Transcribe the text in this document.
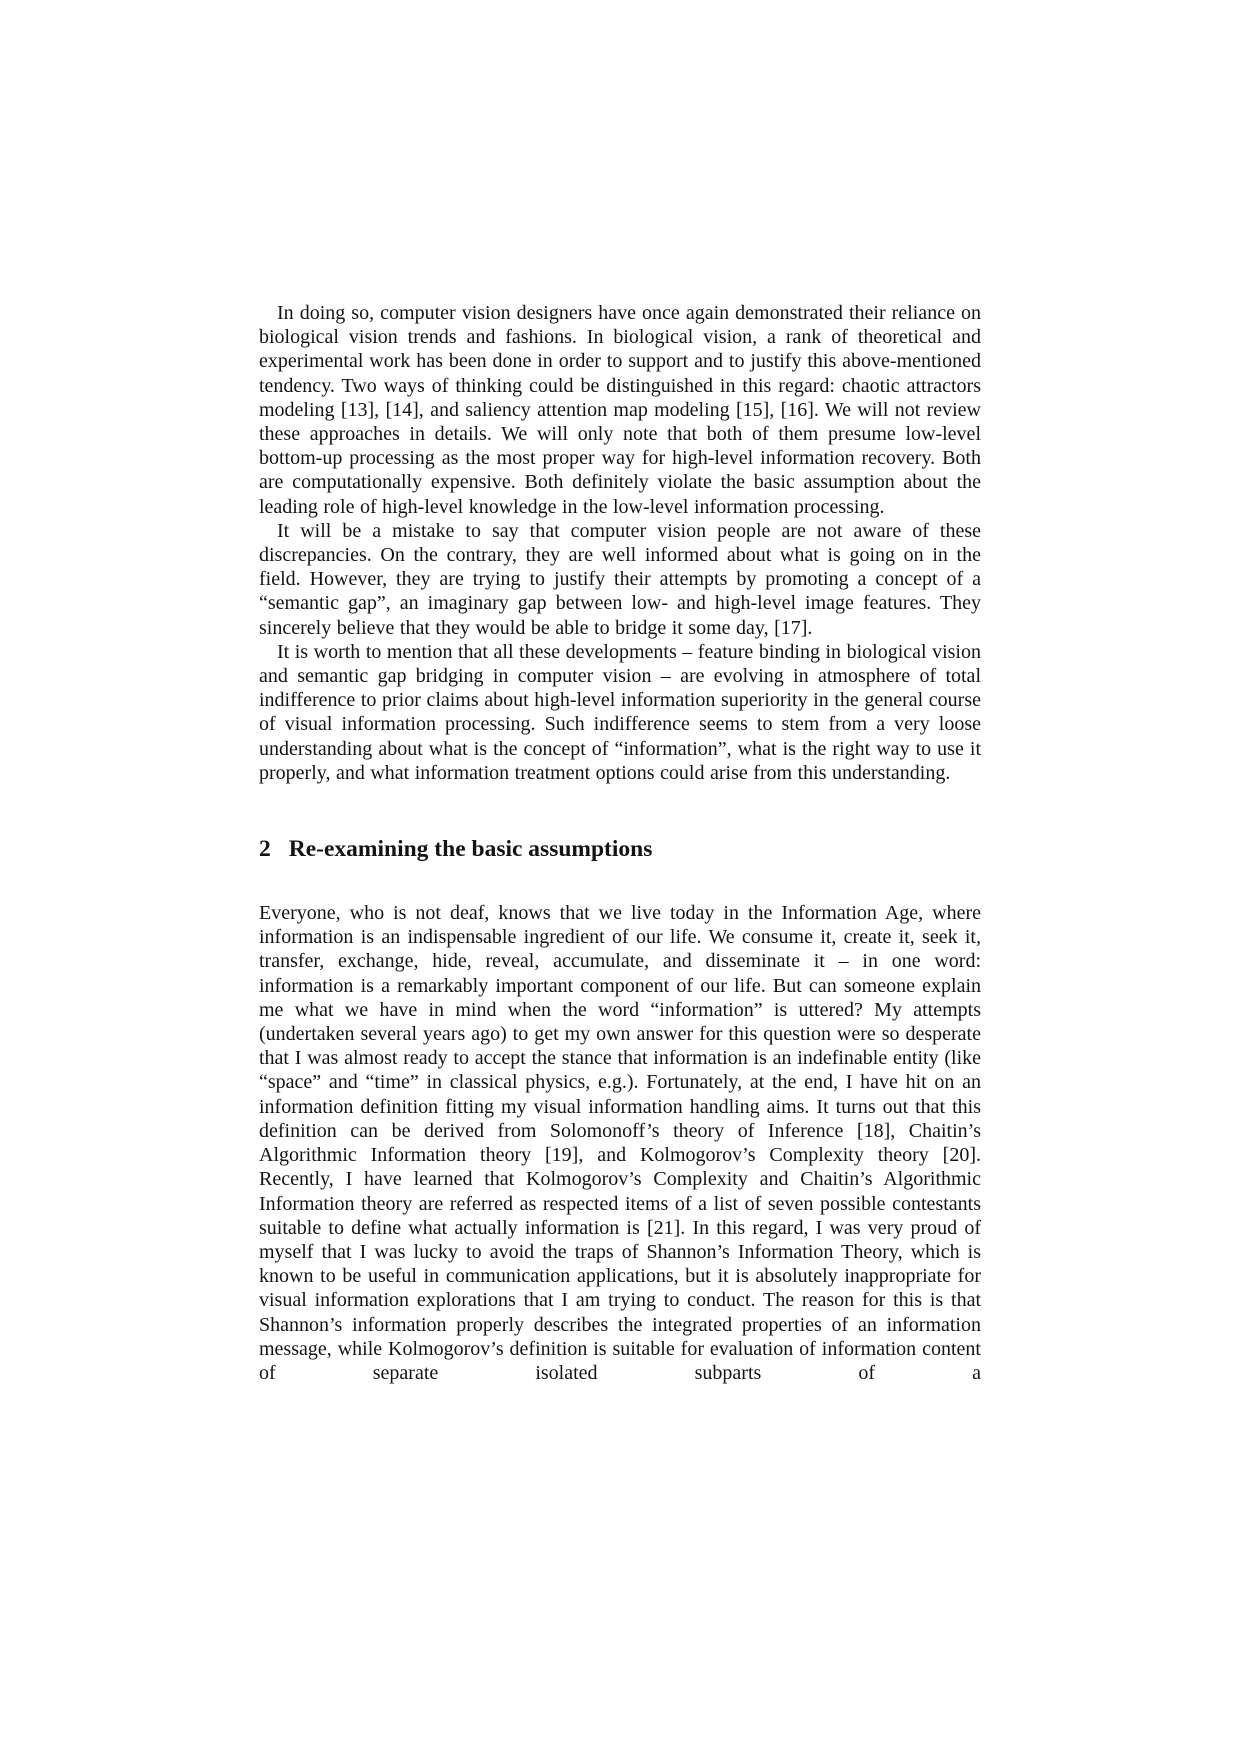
In doing so, computer vision designers have once again demonstrated their reliance on biological vision trends and fashions. In biological vision, a rank of theoretical and experimental work has been done in order to support and to justify this above-mentioned tendency. Two ways of thinking could be distinguished in this regard: chaotic attractors modeling [13], [14], and saliency attention map modeling [15], [16]. We will not review these approaches in details. We will only note that both of them presume low-level bottom-up processing as the most proper way for high-level information recovery. Both are computationally expensive. Both definitely violate the basic assumption about the leading role of high-level knowledge in the low-level information processing.

It will be a mistake to say that computer vision people are not aware of these discrepancies. On the contrary, they are well informed about what is going on in the field. However, they are trying to justify their attempts by promoting a concept of a “semantic gap”, an imaginary gap between low- and high-level image features. They sincerely believe that they would be able to bridge it some day, [17].

It is worth to mention that all these developments – feature binding in biological vision and semantic gap bridging in computer vision – are evolving in atmosphere of total indifference to prior claims about high-level information superiority in the general course of visual information processing. Such indifference seems to stem from a very loose understanding about what is the concept of “information”, what is the right way to use it properly, and what information treatment options could arise from this understanding.

2 Re-examining the basic assumptions

Everyone, who is not deaf, knows that we live today in the Information Age, where information is an indispensable ingredient of our life. We consume it, create it, seek it, transfer, exchange, hide, reveal, accumulate, and disseminate it – in one word: information is a remarkably important component of our life. But can someone explain me what we have in mind when the word “information” is uttered? My attempts (undertaken several years ago) to get my own answer for this question were so desperate that I was almost ready to accept the stance that information is an indefinable entity (like “space” and “time” in classical physics, e.g.). Fortunately, at the end, I have hit on an information definition fitting my visual information handling aims. It turns out that this definition can be derived from Solomonoff’s theory of Inference [18], Chaitin’s Algorithmic Information theory [19], and Kolmogorov’s Complexity theory [20]. Recently, I have learned that Kolmogorov’s Complexity and Chaitin’s Algorithmic Information theory are referred as respected items of a list of seven possible contestants suitable to define what actually information is [21]. In this regard, I was very proud of myself that I was lucky to avoid the traps of Shannon’s Information Theory, which is known to be useful in communication applications, but it is absolutely inappropriate for visual information explorations that I am trying to conduct. The reason for this is that Shannon’s information properly describes the integrated properties of an information message, while Kolmogorov’s definition is suitable for evaluation of information content of separate isolated subparts of a
